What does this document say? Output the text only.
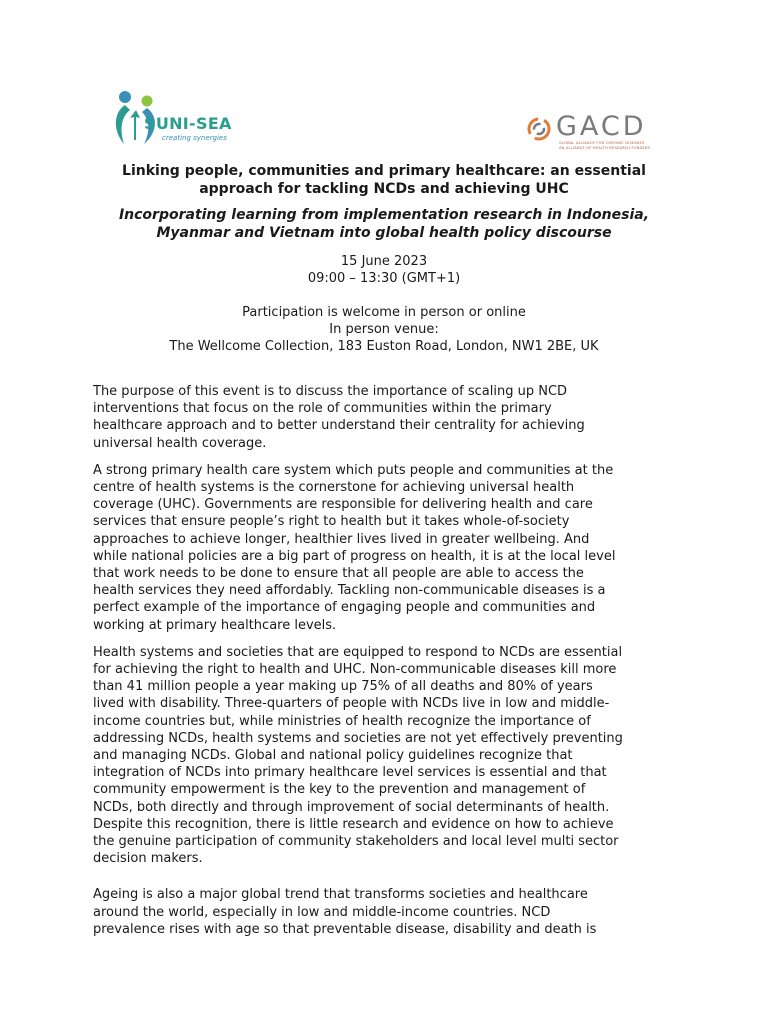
SUNI-SEA
creating synergies	GACD
GLOBAL ALLIANCE FOR CHRONIC DISEASES
AN ALLIANCE OF HEALTH RESEARCH FUNDERS
Linking people, communities and primary healthcare: an essential
approach for tackling NCDs and achieving UHC
Incorporating learning from implementation research in Indonesia,
Myanmar and Vietnam into global health policy discourse
15 June 2023
09:00 – 13:30 (GMT+1)
Participation is welcome in person or online
In person venue:
The Wellcome Collection, 183 Euston Road, London, NW1 2BE, UK

The purpose of this event is to discuss the importance of scaling up NCD
interventions that focus on the role of communities within the primary
healthcare approach and to better understand their centrality for achieving
universal health coverage.

A strong primary health care system which puts people and communities at the
centre of health systems is the cornerstone for achieving universal health
coverage (UHC). Governments are responsible for delivering health and care
services that ensure people’s right to health but it takes whole-of-society
approaches to achieve longer, healthier lives lived in greater wellbeing. And
while national policies are a big part of progress on health, it is at the local level
that work needs to be done to ensure that all people are able to access the
health services they need affordably. Tackling non-communicable diseases is a
perfect example of the importance of engaging people and communities and
working at primary healthcare levels.

Health systems and societies that are equipped to respond to NCDs are essential
for achieving the right to health and UHC. Non-communicable diseases kill more
than 41 million people a year making up 75% of all deaths and 80% of years
lived with disability. Three-quarters of people with NCDs live in low and middle-
income countries but, while ministries of health recognize the importance of
addressing NCDs, health systems and societies are not yet effectively preventing
and managing NCDs. Global and national policy guidelines recognize that
integration of NCDs into primary healthcare level services is essential and that
community empowerment is the key to the prevention and management of
NCDs, both directly and through improvement of social determinants of health.
Despite this recognition, there is little research and evidence on how to achieve
the genuine participation of community stakeholders and local level multi sector
decision makers.

Ageing is also a major global trend that transforms societies and healthcare
around the world, especially in low and middle-income countries. NCD
prevalence rises with age so that preventable disease, disability and death is
